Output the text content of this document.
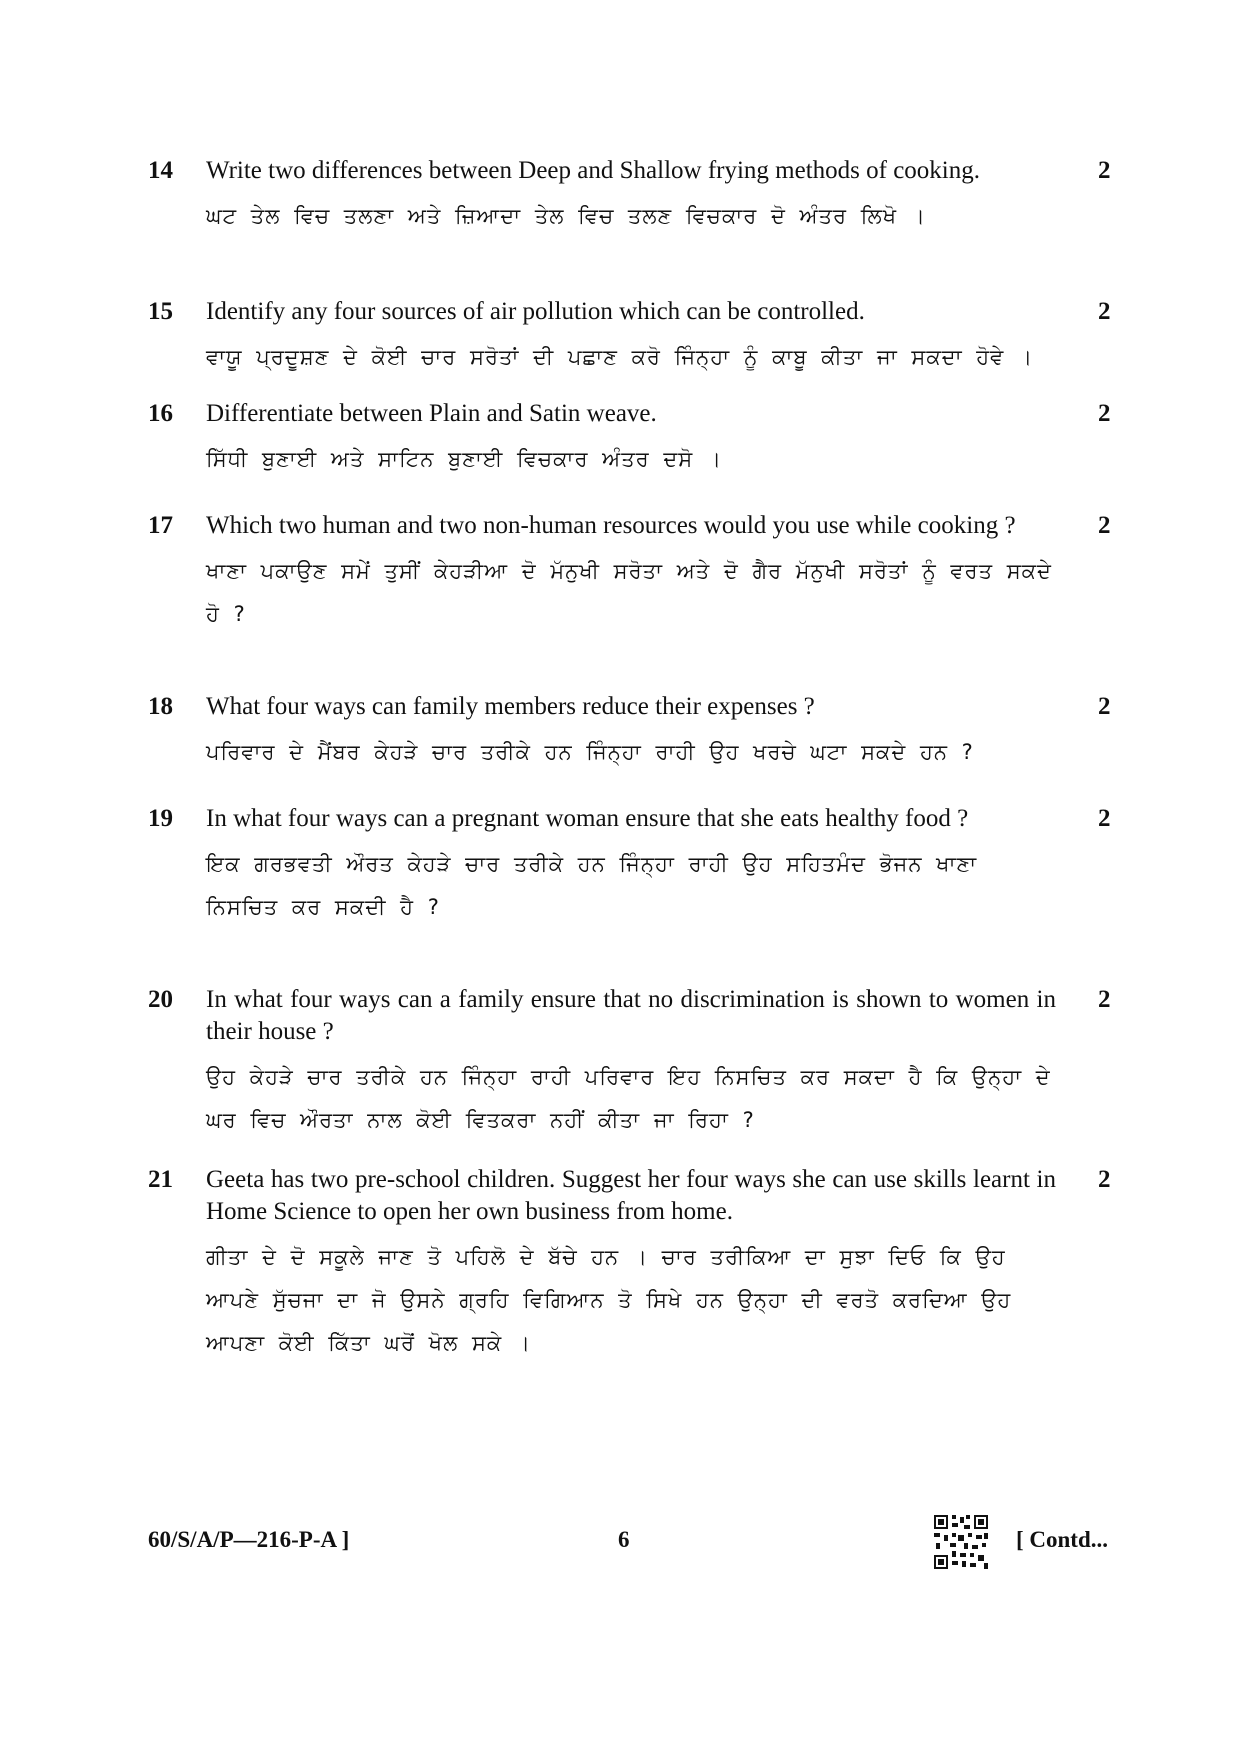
14 Write two differences between Deep and Shallow frying methods of cooking.

ਘਟ ਤੇਲ ਵਿਚ ਤਲਣਾ ਅਤੇ ਜ਼ਿਆਦਾ ਤੇਲ ਵਿਚ ਤਲਣ ਵਿਚਕਾਰ ਦੋ ਅੰਤਰ ਲਿਖੋ ।

2
15 Identify any four sources of air pollution which can be controlled.

ਵਾਯੂ ਪ੍ਰਦੂਸ਼ਣ ਦੇ ਕੋਈ ਚਾਰ ਸਰੋਤਾਂ ਦੀ ਪਛਾਣ ਕਰੋ ਜਿੰਨ੍ਹਾ ਨੂੰ ਕਾਬੂ ਕੀਤਾ ਜਾ ਸਕਦਾ ਹੋਵੇ ।

2
16 Differentiate between Plain and Satin weave.

ਸਿੱਧੀ ਬੁਣਾਈ ਅਤੇ ਸਾਟਿਨ ਬੁਣਾਈ ਵਿਚਕਾਰ ਅੰਤਰ ਦਸੋ ।

2
17 Which two human and two non-human resources would you use while cooking ?

ਖਾਣਾ ਪਕਾਉਣ ਸਮੇਂ ਤੁਸੀਂ ਕੇਹੜੀਆ ਦੋ ਮੱਨੁਖੀ ਸਰੋਤਾ ਅਤੇ ਦੋ ਗੈਰ ਮੱਨੁਖੀ ਸਰੋਤਾਂ ਨੂੰ ਵਰਤ ਸਕਦੇ ਹੋ ?

2
18 What four ways can family members reduce their expenses ?

ਪਰਿਵਾਰ ਦੇ ਮੈਂਬਰ ਕੇਹੜੇ ਚਾਰ ਤਰੀਕੇ ਹਨ ਜਿੰਨ੍ਹਾ ਰਾਹੀ ਉਹ ਖਰਚੇ ਘਟਾ ਸਕਦੇ ਹਨ ?

2
19 In what four ways can a pregnant woman ensure that she eats healthy food ?

ਇਕ ਗਰਭਵਤੀ ਔਰਤ ਕੇਹੜੇ ਚਾਰ ਤਰੀਕੇ ਹਨ ਜਿੰਨ੍ਹਾ ਰਾਹੀ ਉਹ ਸਹਿਤਮੰਦ ਭੋਜਨ ਖਾਣਾ ਨਿਸਚਿਤ ਕਰ ਸਕਦੀ ਹੈ ?

2
20 In what four ways can a family ensure that no discrimination is shown to women in their house ?

ਉਹ ਕੇਹੜੇ ਚਾਰ ਤਰੀਕੇ ਹਨ ਜਿੰਨ੍ਹਾ ਰਾਹੀ ਪਰਿਵਾਰ ਇਹ ਨਿਸਚਿਤ ਕਰ ਸਕਦਾ ਹੈ ਕਿ ਉਨ੍ਹਾ ਦੇ ਘਰ ਵਿਚ ਔਰਤਾ ਨਾਲ ਕੋਈ ਵਿਤਕਰਾ ਨਹੀਂ ਕੀਤਾ ਜਾ ਰਿਹਾ ?

2
21 Geeta has two pre-school children. Suggest her four ways she can use skills learnt in Home Science to open her own business from home.

ਗੀਤਾ ਦੇ ਦੋ ਸਕੂਲੇ ਜਾਣ ਤੋ ਪਹਿਲੋ ਦੇ ਬੱਚੇ ਹਨ । ਚਾਰ ਤਰੀਕਿਆ ਦਾ ਸੁਝਾ ਦਿਓ ਕਿ ਉਹ ਆਪਣੇ ਸੁੱਚਜਾ ਦਾ ਜੋ ਉਸਨੇ ਗ੍ਰਹਿ ਵਿਗਿਆਨ ਤੋ ਸਿਖੇ ਹਨ ਉਨ੍ਹਾ ਦੀ ਵਰਤੋ ਕਰਦਿਆ ਉਹ ਆਪਣਾ ਕੋਈ ਕਿੱਤਾ ਘਰੋਂ ਖੋਲ ਸਕੇ ।

2
60/S/A/P—216-P-A ]	6	[ Contd...
